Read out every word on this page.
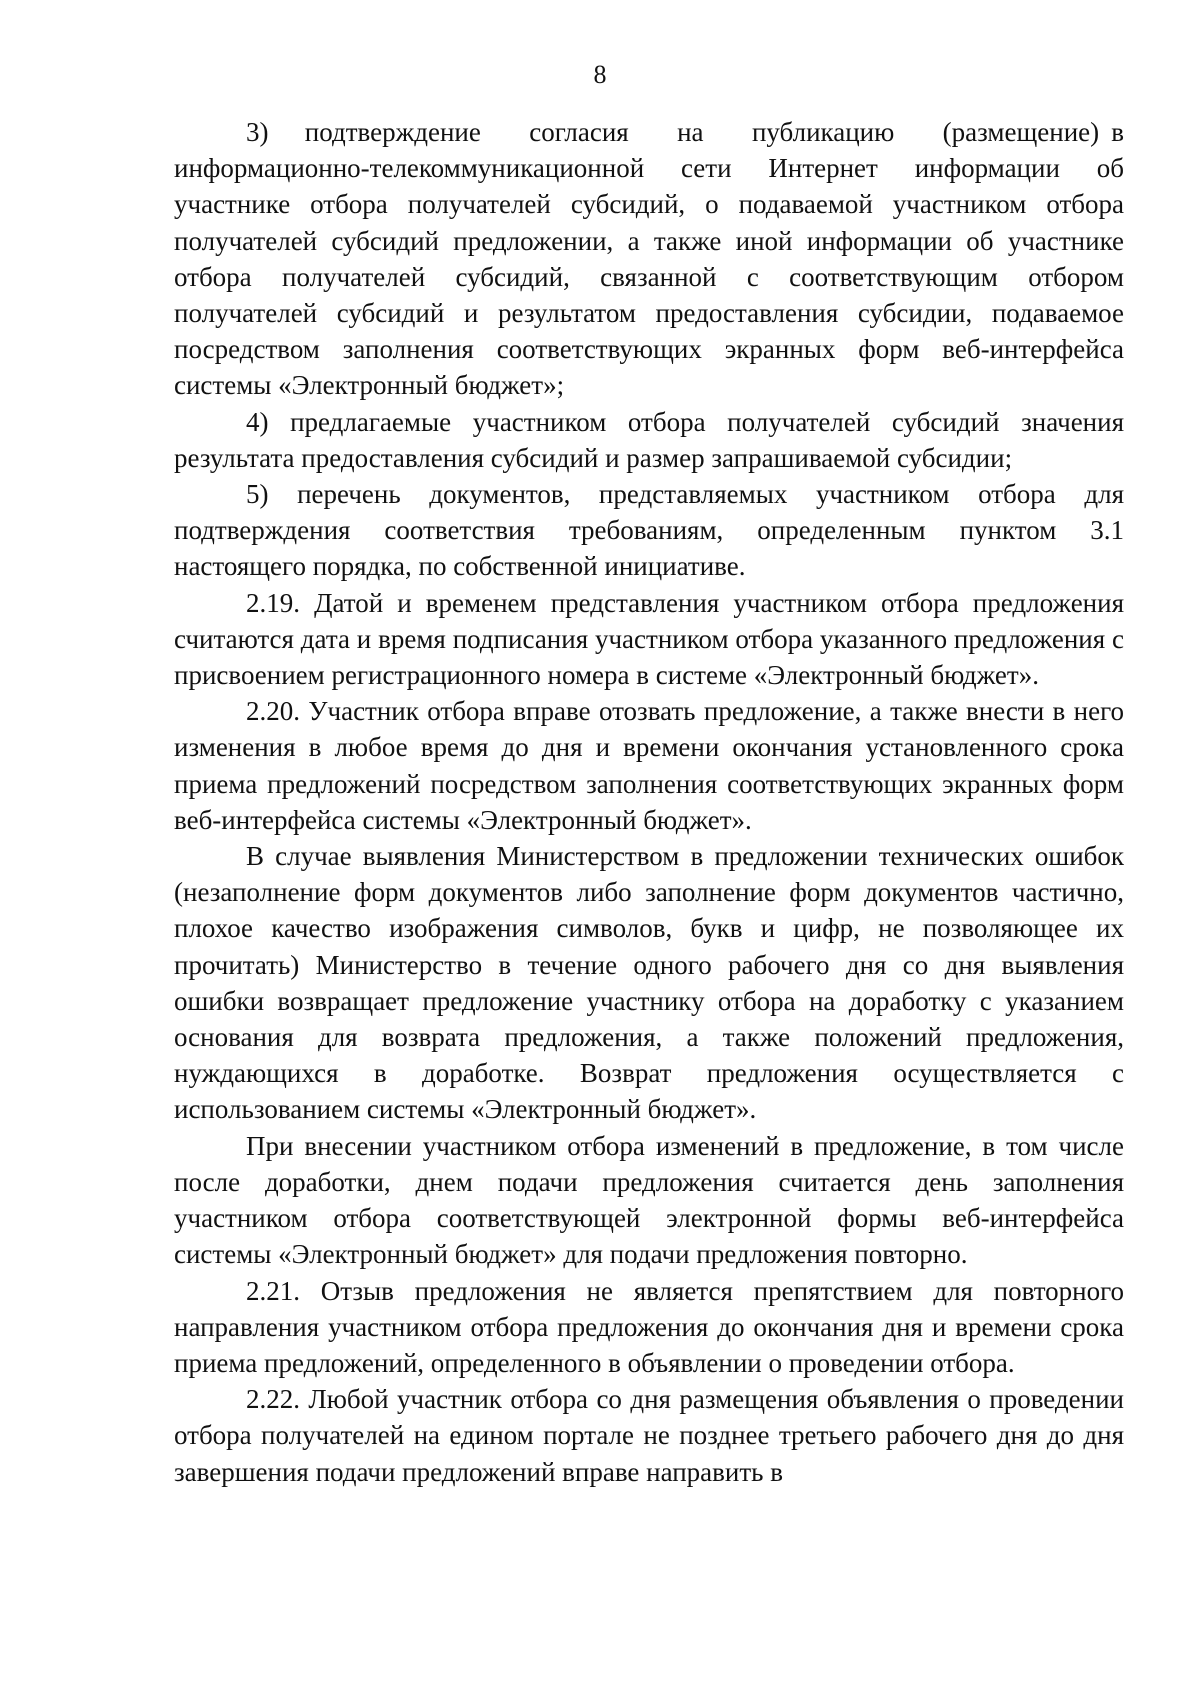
8

3)   подтверждение    согласия    на    публикацию    (размещение) в информационно-телекоммуникационной сети Интернет информации об участнике отбора получателей субсидий, о подаваемой участником отбора получателей субсидий предложении, а также иной информации об участнике отбора получателей субсидий, связанной с соответствующим отбором получателей субсидий и результатом предоставления субсидии, подаваемое посредством заполнения соответствующих экранных форм веб-интерфейса системы «Электронный бюджет»;

4) предлагаемые участником отбора получателей субсидий значения результата предоставления субсидий и размер запрашиваемой субсидии;

5) перечень документов, представляемых участником отбора для подтверждения соответствия требованиям, определенным пунктом 3.1 настоящего порядка, по собственной инициативе.

2.19. Датой и временем представления участником отбора предложения считаются дата и время подписания участником отбора указанного предложения с присвоением регистрационного номера в системе «Электронный бюджет».

2.20. Участник отбора вправе отозвать предложение, а также внести в него изменения в любое время до дня и времени окончания установленного срока приема предложений посредством заполнения соответствующих экранных форм веб-интерфейса системы «Электронный бюджет».

В случае выявления Министерством в предложении технических ошибок (незаполнение форм документов либо заполнение форм документов частично, плохое качество изображения символов, букв и цифр, не позволяющее их прочитать) Министерство в течение одного рабочего дня со дня выявления ошибки возвращает предложение участнику отбора на доработку с указанием основания для возврата предложения, а также положений предложения, нуждающихся в доработке. Возврат предложения осуществляется с использованием системы «Электронный бюджет».

При внесении участником отбора изменений в предложение, в том числе после доработки, днем подачи предложения считается день заполнения участником отбора соответствующей электронной формы веб-интерфейса системы «Электронный бюджет» для подачи предложения повторно.

2.21. Отзыв предложения не является препятствием для повторного направления участником отбора предложения до окончания дня и времени срока приема предложений, определенного в объявлении о проведении отбора.

2.22. Любой участник отбора со дня размещения объявления о проведении отбора получателей на едином портале не позднее третьего рабочего дня до дня завершения подачи предложений вправе направить в
